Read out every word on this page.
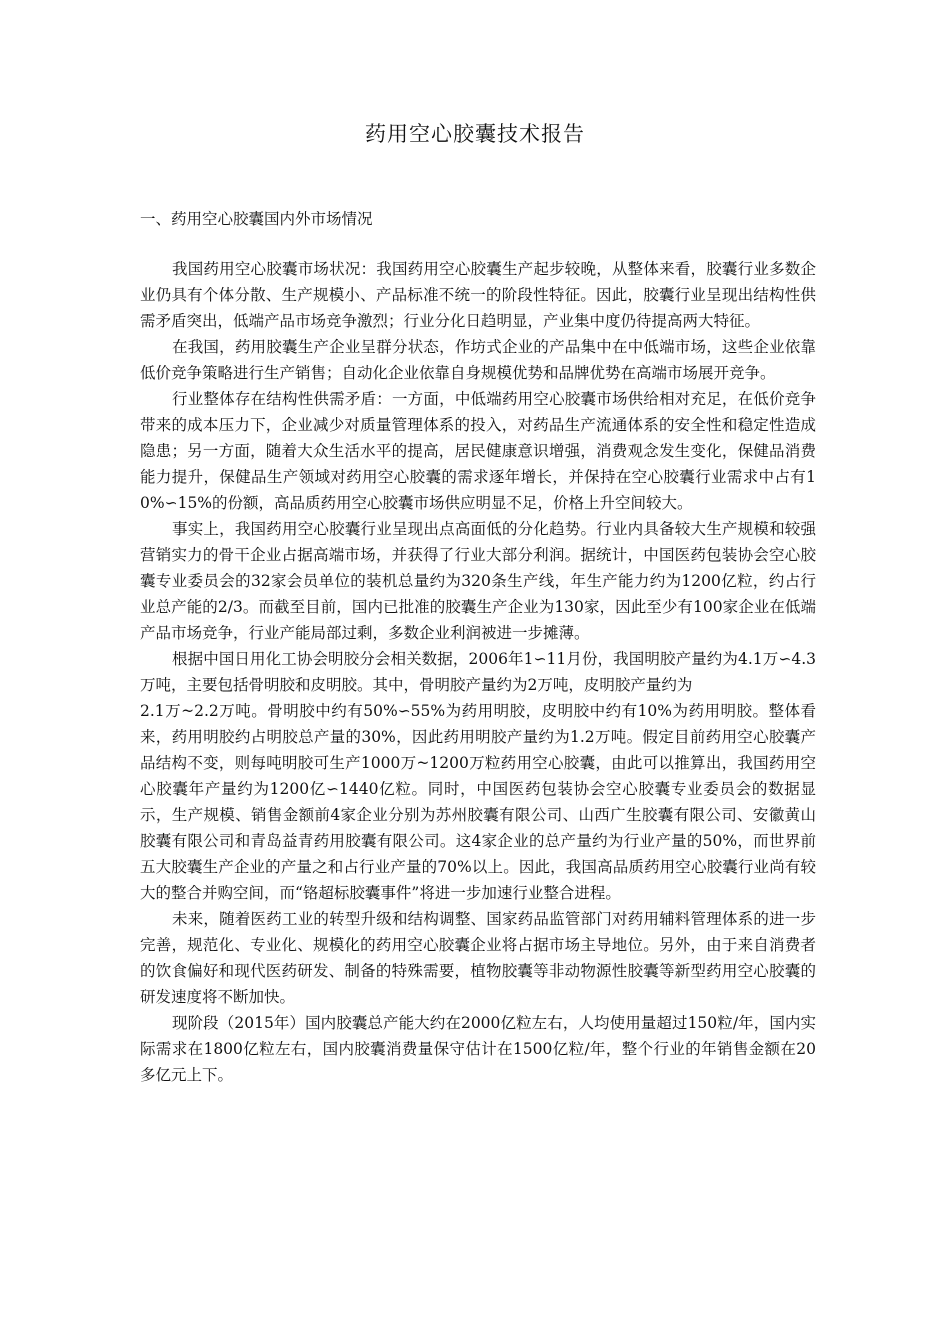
药用空心胶囊技术报告
一、药用空心胶囊国内外市场情况

我国药用空心胶囊市场状况：我国药用空心胶囊生产起步较晚，从整体来看，胶囊行业多数企业仍具有个体分散、生产规模小、产品标准不统一的阶段性特征。因此，胶囊行业呈现出结构性供需矛盾突出，低端产品市场竞争激烈；行业分化日趋明显，产业集中度仍待提高两大特征。

在我国，药用胶囊生产企业呈群分状态，作坊式企业的产品集中在中低端市场，这些企业依靠低价竞争策略进行生产销售；自动化企业依靠自身规模优势和品牌优势在高端市场展开竞争。

行业整体存在结构性供需矛盾：一方面，中低端药用空心胶囊市场供给相对充足，在低价竞争带来的成本压力下，企业减少对质量管理体系的投入，对药品生产流通体系的安全性和稳定性造成隐患；另一方面，随着大众生活水平的提高，居民健康意识增强，消费观念发生变化，保健品消费能力提升，保健品生产领域对药用空心胶囊的需求逐年增长，并保持在空心胶囊行业需求中占有10%∽15%的份额，高品质药用空心胶囊市场供应明显不足，价格上升空间较大。

事实上，我国药用空心胶囊行业呈现出点高面低的分化趋势。行业内具备较大生产规模和较强营销实力的骨干企业占据高端市场，并获得了行业大部分利润。据统计，中国医药包装协会空心胶囊专业委员会的32家会员单位的装机总量约为320条生产线，年生产能力约为1200亿粒，约占行业总产能的2/3。而截至目前，国内已批准的胶囊生产企业为130家，因此至少有100家企业在低端产品市场竞争，行业产能局部过剩，多数企业利润被进一步摊薄。

根据中国日用化工协会明胶分会相关数据，2006年1∽11月份，我国明胶产量约为4.1万∽4.3万吨，主要包括骨明胶和皮明胶。其中，骨明胶产量约为2万吨，皮明胶产量约为

2.1万~2.2万吨。骨明胶中约有50%∽55%为药用明胶，皮明胶中约有10%为药用明胶。整体看来，药用明胶约占明胶总产量的30%，因此药用明胶产量约为1.2万吨。假定目前药用空心胶囊产品结构不变，则每吨明胶可生产1000万~1200万粒药用空心胶囊，由此可以推算出，我国药用空心胶囊年产量约为1200亿∽1440亿粒。同时，中国医药包装协会空心胶囊专业委员会的数据显示，生产规模、销售金额前4家企业分别为苏州胶囊有限公司、山西广生胶囊有限公司、安徽黄山胶囊有限公司和青岛益青药用胶囊有限公司。这4家企业的总产量约为行业产量的50%，而世界前五大胶囊生产企业的产量之和占行业产量的70%以上。因此，我国高品质药用空心胶囊行业尚有较大的整合并购空间，而“铬超标胶囊事件”将进一步加速行业整合进程。

未来，随着医药工业的转型升级和结构调整、国家药品监管部门对药用辅料管理体系的进一步完善，规范化、专业化、规模化的药用空心胶囊企业将占据市场主导地位。另外，由于来自消费者的饮食偏好和现代医药研发、制备的特殊需要，植物胶囊等非动物源性胶囊等新型药用空心胶囊的研发速度将不断加快。

现阶段（2015年）国内胶囊总产能大约在2000亿粒左右，人均使用量超过150粒/年，国内实际需求在1800亿粒左右，国内胶囊消费量保守估计在1500亿粒/年，整个行业的年销售金额在20多亿元上下。
